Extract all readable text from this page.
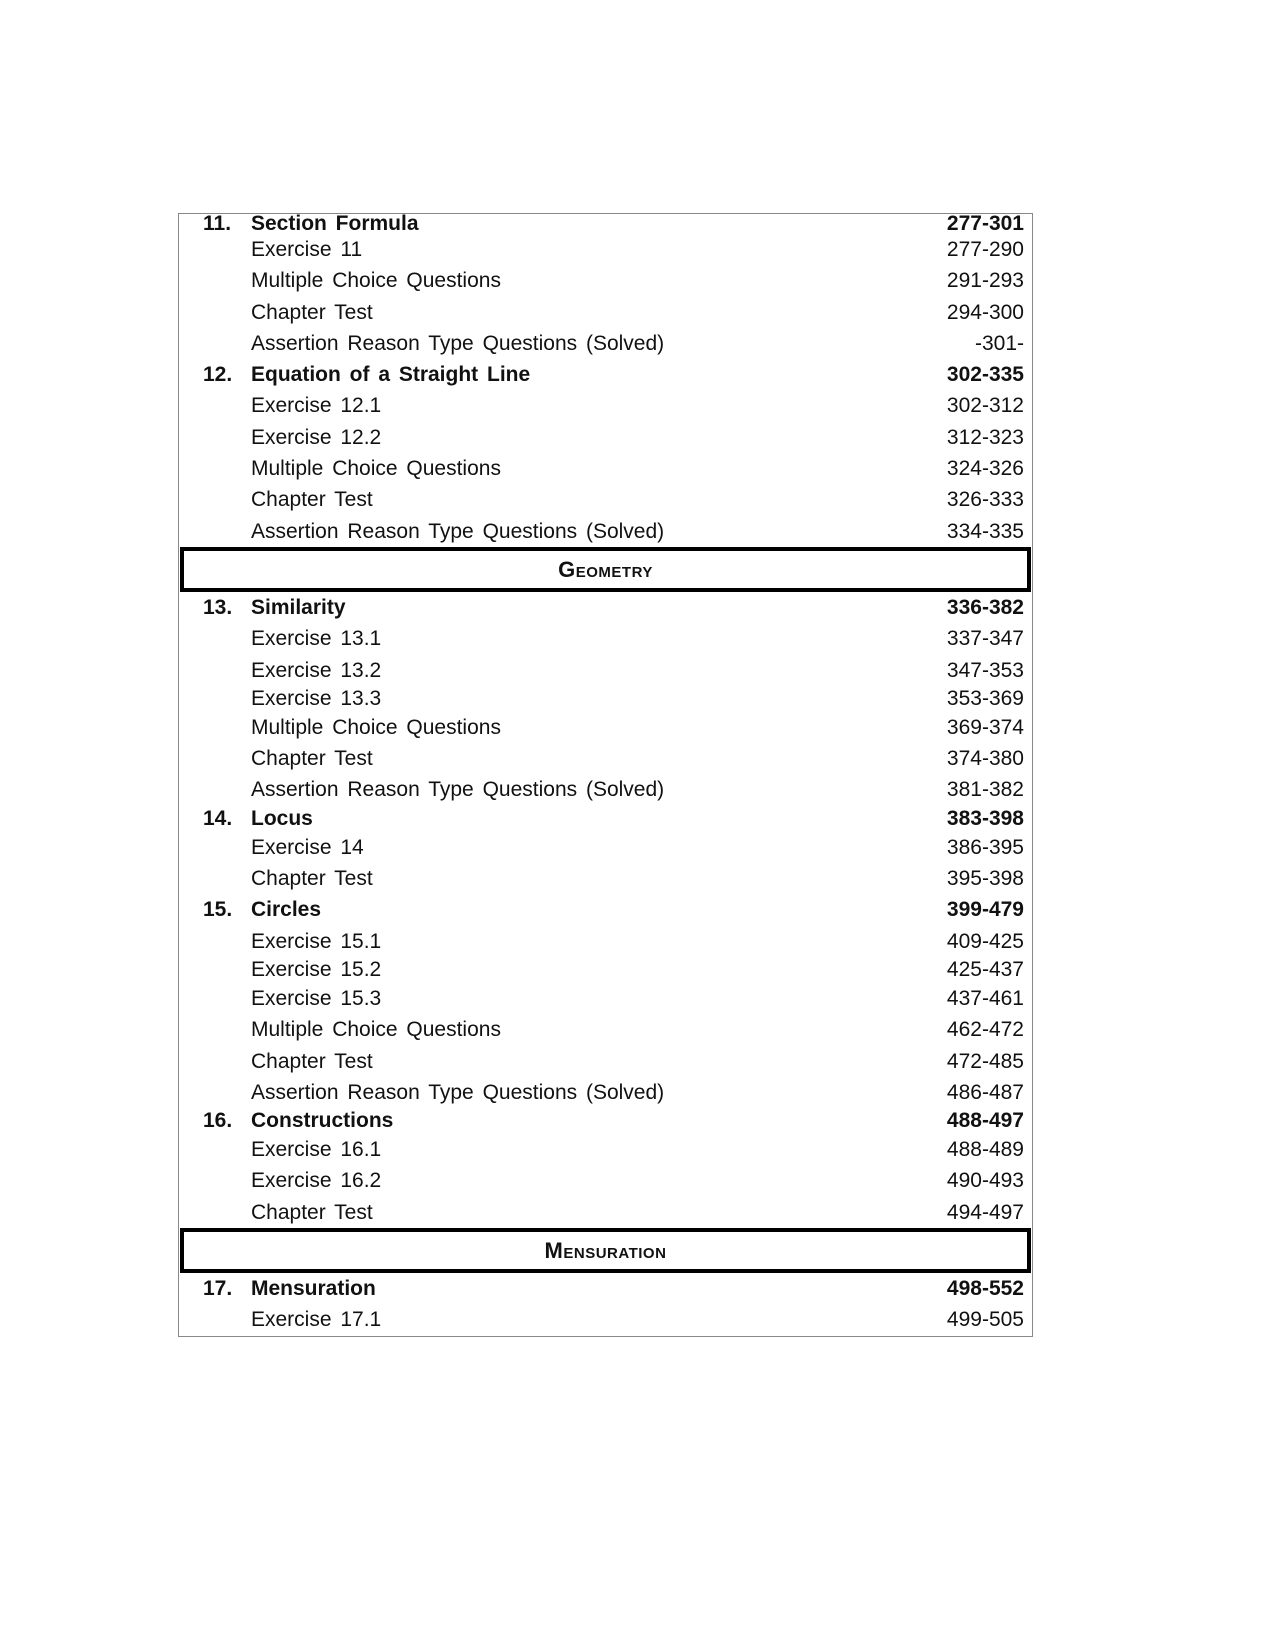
11. Section Formula	277-301
Exercise 11	277-290
Multiple Choice Questions	291-293
Chapter Test	294-300
Assertion Reason Type Questions (Solved)	-301-
12. Equation of a Straight Line	302-335
Exercise 12.1	302-312
Exercise 12.2	312-323
Multiple Choice Questions	324-326
Chapter Test	326-333
Assertion Reason Type Questions (Solved)	334-335
Geometry
13. Similarity	336-382
Exercise 13.1	337-347
Exercise 13.2	347-353
Exercise 13.3	353-369
Multiple Choice Questions	369-374
Chapter Test	374-380
Assertion Reason Type Questions (Solved)	381-382
14. Locus	383-398
Exercise 14	386-395
Chapter Test	395-398
15. Circles	399-479
Exercise 15.1	409-425
Exercise 15.2	425-437
Exercise 15.3	437-461
Multiple Choice Questions	462-472
Chapter Test	472-485
Assertion Reason Type Questions (Solved)	486-487
16. Constructions	488-497
Exercise 16.1	488-489
Exercise 16.2	490-493
Chapter Test	494-497
Mensuration
17. Mensuration	498-552
Exercise 17.1	499-505
